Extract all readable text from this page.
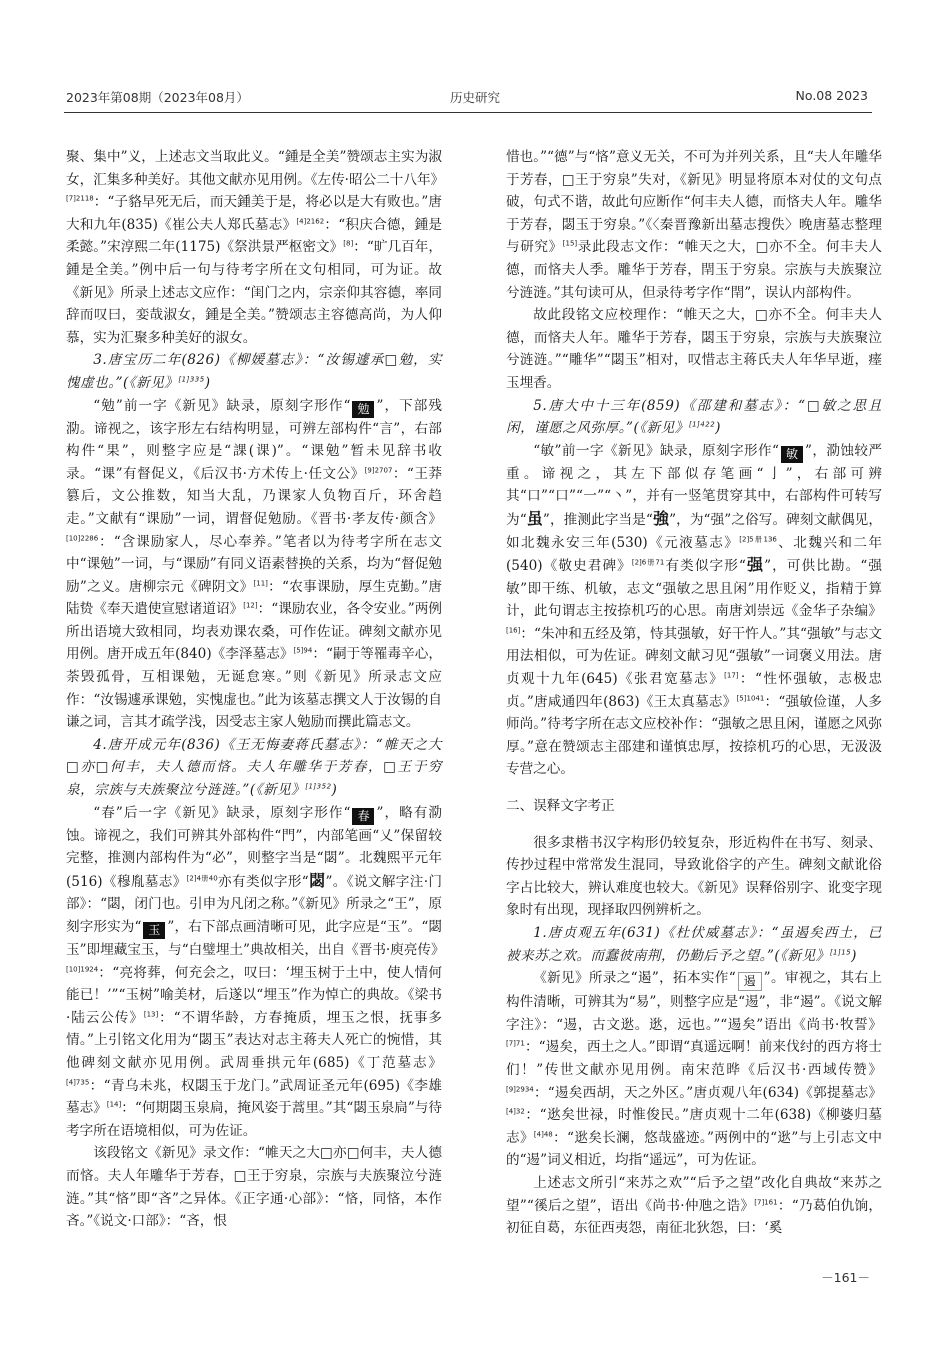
2023年第08期（2023年08月）	历史研究	No.08 2023

聚、集中”义，上述志文当取此义。“鍾是全美”赞颂志主实为淑女，汇集多种美好。其他文献亦见用例。《左传·昭公二十八年》$^{[7]2118}$：“子貉早死无后，而天鍾美于是，将必以是大有败也。”唐大和九年(835)《崔公夫人郑氏墓志》$^{[4]2162}$：“积庆合德，鍾是柔懿。”宋淳熙二年(1175)《祭洪景严枢密文》[8]：“旷几百年，鍾是全美。”例中后一句与待考字所在文句相同，可为证。故《新见》所录上述志文应作：“闺门之内，宗亲仰其容德，率同辞而叹曰，娈哉淑女，鍾是全美。”赞颂志主容德高尚，为人仰慕，实为汇聚多种美好的淑女。

3.唐宝历二年(826)《柳媛墓志》：“汝锡遽承□勉，实愧虚也。”(《新见》$^{[1]335}$)

“勉”前一字《新见》缺录，原刻字形作“ 勉 ”，下部残泐。谛视之，该字形左右结构明显，可辨左部构件“言”，右部构件“果”，则整字应是“課(课)”。“课勉”暂未见辞书收录。“课”有督促义，《后汉书·方术传上·任文公》$^{[9]2707}$：“王莽篡后，文公推数，知当大乱，乃课家人负物百斤，环舍趋走。”文献有“课励”一词，谓督促勉励。《晋书·孝友传·颜含》$^{[10]2286}$：“含课励家人，尽心奉养。”笔者以为待考字所在志文中“课勉”一词，与“课励”有同义语素替换的关系，均为“督促勉励”之义。唐柳宗元《碑阴文》[11]：“农事课励，厚生克勤。”唐陆贽《奉天遣使宣慰诸道诏》[12]：“课励农业，各令安业。”两例所出语境大致相同，均表劝课农桑，可作佐证。碑刻文献亦见用例。唐开成五年(840)《李泽墓志》$^{[5]94}$：“嗣于等罹毒辛心，荼毁孤骨，互相课勉，无诞怠寒。”则《新见》所录志文应作：“汝锡遽承课勉，实愧虚也。”此为该墓志撰文人于汝锡的自谦之词，言其才疏学浅，因受志主家人勉励而撰此篇志文。

4.唐开成元年(836)《王无悔妻蒋氏墓志》：“帷天之大□亦□何丰，夫人德而悋。夫人年雕华于芳春，□王于穷泉，宗族与夫族聚泣兮涟涟。”(《新见》$^{[1]352}$)

“春”后一字《新见》缺录，原刻字形作“ 春 ”，略有泐蚀。谛视之，我们可辨其外部构件“門”，内部笔画“乂”保留较完整，推测内部构件为“必”，则整字当是“閟”。北魏熙平元年(516)《穆胤墓志》$^{[2]4册40}$亦有类似字形“閟”。《说文解字注·门部》：“閟，闭门也。引申为凡闭之称。”《新见》所录之“王”，原刻字形实为“ 玉 ”，右下部点画清晰可见，此字应是“玉”。“閟玉”即埋藏宝玉，与“白璧埋土”典故相关，出自《晋书·庾亮传》$^{[10]1924}$：“亮将葬，何充会之，叹曰：‘埋玉树于土中，使人情何能已！’”“玉树”喻美材，后遂以“埋玉”作为悼亡的典故。《梁书·陆云公传》[13]：“不谓华龄，方春掩质，埋玉之恨，抚事多情。”上引铭文化用为“閟玉”表达对志主蒋夫人死亡的惋惜，其他碑刻文献亦见用例。武周垂拱元年(685)《丁范墓志》$^{[4]735}$：“青乌未兆，权閟玉于龙门。”武周证圣元年(695)《李雄墓志》[14]：“何期閟玉泉扃，掩风姿于蒿里。”其“閟玉泉扃”与待考字所在语境相似，可为佐证。

该段铭文《新见》录文作：“帷天之大□亦□何丰，夫人德而悋。夫人年雕华于芳春，□王于穷泉，宗族与夫族聚泣兮涟涟。”其“悋”即“吝”之异体。《正字通·心部》：“悋，同悋，本作吝。”《说文·口部》：“吝，恨

惜也。”“德”与“悋”意义无关，不可为并列关系，且“夫人年雕华于芳春，□王于穷泉”失对，《新见》明显将原本对仗的文句点破，句式不谐，故此句应断作“何丰夫人德，而悋夫人年。雕华于芳春，閟玉于穷泉。”《〈秦晋豫新出墓志搜佚〉晚唐墓志整理与研究》[15]录此段志文作：“帷天之大，□亦不全。何丰夫人德，而悋夫人季。雕华于芳春，閈玉于穷泉。宗族与夫族聚泣兮涟涟。”其句读可从，但录待考字作“閈”，误认内部构件。

故此段铭文应校理作：“帷天之大，□亦不全。何丰夫人德，而悋夫人年。雕华于芳春，閟玉于穷泉，宗族与夫族聚泣兮涟涟。”“雕华”“閟玉”相对，叹惜志主蒋氏夫人年华早逝，瘗玉埋香。

5.唐大中十三年(859)《邵建和墓志》：“□敏之思且闲，谨愿之风弥厚。”(《新见》$^{[1]422}$)

“敏”前一字《新见》缺录，原刻字形作“ 敏 ”，泐蚀较严重。谛视之，其左下部似存笔画“亅”，右部可辨其“口”“口”“一”“丶”，并有一竖笔贯穿其中，右部构件可转写为“虽”，推测此字当是“強”，为“强”之俗写。碑刻文献偶见，如北魏永安三年(530)《元液墓志》$^{[2]5册136}$、北魏兴和二年(540)《敬史君碑》$^{[2]6册71}$有类似字形“强”，可供比勘。“强敏”即干练、机敏，志文“强敏之思且闲”用作贬义，指精于算计，此句谓志主按捺机巧的心思。南唐刘崇远《金华子杂编》[16]：“朱冲和五经及第，恃其强敏，好干忤人。”其“强敏”与志文用法相似，可为佐证。碑刻文献习见“强敏”一词褒义用法。唐贞观十九年(645)《张君宽墓志》[17]：“性怀强敏，志极忠贞。”唐咸通四年(863)《王太真墓志》$^{[5]1041}$：“强敏俭谨，人多师尚。”待考字所在志文应校补作：“强敏之思且闲，谨愿之风弥厚。”意在赞颂志主邵建和谨慎忠厚，按捺机巧的心思，无汲汲专营之心。

二、误释文字考正

很多隶楷书汉字构形仍较复杂，形近构件在书写、刻录、传抄过程中常常发生混同，导致讹俗字的产生。碑刻文献讹俗字占比较大，辨认难度也较大。《新见》误释俗别字、讹变字现象时有出现，现择取四例辨析之。

1.唐贞观五年(631)《杜伏威墓志》：“虽遏矣西土，已被来苏之欢。而蠢彼南荆，仍勤后予之望。”(《新见》$^{[1]15}$)

《新见》所录之“遏”，拓本实作“ 遏 ”。审视之，其右上构件清晰，可辨其为“易”，则整字应是“逷”，非“遏”。《说文解字注》：“逷，古文逖。逖，远也。”“逷矣”语出《尚书·牧誓》$^{[7]71}$：“逷矣，西土之人。”即谓“真遥远啊！前来伐纣的西方将士们！”传世文献亦见用例。南宋范晔《后汉书·西域传赞》$^{[9]2934}$：“逷矣西胡，天之外区。”唐贞观八年(634)《郭提墓志》$^{[4]32}$：“逖矣世禄，时惟俊民。”唐贞观十二年(638)《柳婆归墓志》$^{[4]48}$：“逖矣长澜，悠哉盛迹。”两例中的“逖”与上引志文中的“逷”词义相近，均指“遥远”，可为佐证。

上述志文所引“来苏之欢”“后予之望”改化自典故“来苏之望”“徯后之望”，语出《尚书·仲虺之诰》$^{[7]161}$：“乃葛伯仇饷，初征自葛，东征西夷怨，南征北狄怨，曰：‘奚

－161－
